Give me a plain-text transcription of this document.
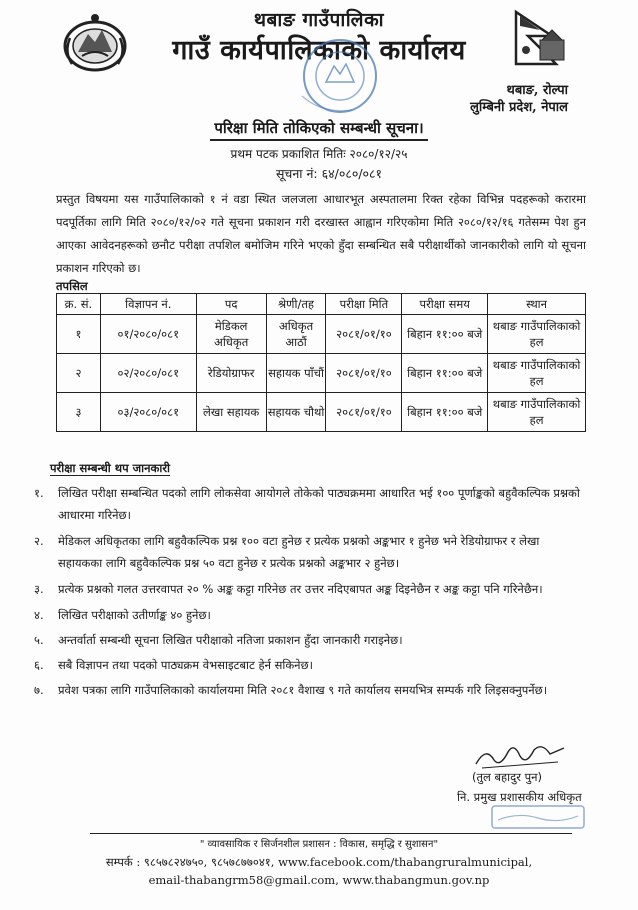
थबाङ गाउँपालिका
गाउँ कार्यपालिकाको कार्यालय
थबाङ, रोल्पा
लुम्बिनी प्रदेश, नेपाल
परिक्षा मिति तोकिएको सम्बन्धी सूचना।
प्रथम पटक प्रकाशित मितिः २०८०/१२/२५
सूचना नं: ६४/०८०/०८१
प्रस्तुत विषयमा यस गाउँपालिकाको १ नं वडा स्थित जलजला आधारभूत अस्पतालमा रिक्त रहेका विभिन्न पदहरूको करारमा पदपूर्तिका लागि मिति २०८०/१२/०२ गते सूचना प्रकाशन गरी दरखास्त आह्वान गरिएकोमा मिति २०८०/१२/१६ गतेसम्म पेश हुन आएका आवेदनहरूको छनौट परीक्षा तपशिल बमोजिम गरिने भएको हुँदा सम्बन्धित सबै परीक्षार्थीको जानकारीको लागि यो सूचना प्रकाशन गरिएको छ।
तपसिल
क्र. सं.	विज्ञापन नं.	पद	श्रेणी/तह	परीक्षा मिति	परीक्षा समय	स्थान
१	०१/२०८०/०८१	मेडिकल अधिकृत	अधिकृत आठौं	२०८१/०१/१०	बिहान ११:०० बजे	थबाङ गाउँपालिकाको हल
२	०२/२०८०/०८१	रेडियोग्राफर	सहायक पाँचौं	२०८१/०१/१०	बिहान ११:०० बजे	थबाङ गाउँपालिकाको हल
३	०३/२०८०/०८१	लेखा सहायक	सहायक चौथो	२०८१/०१/१०	बिहान ११:०० बजे	थबाङ गाउँपालिकाको हल
परीक्षा सम्बन्धी थप जानकारी
१. लिखित परीक्षा सम्बन्धित पदको लागि लोकसेवा आयोगले तोकेको पाठ्यक्रममा आधारित भई १०० पूर्णाङ्कको बहुवैकल्पिक प्रश्नको आधारमा गरिनेछ।
२. मेडिकल अधिकृतका लागि बहुवैकल्पिक प्रश्न १०० वटा हुनेछ र प्रत्येक प्रश्नको अङ्कभार १ हुनेछ भने रेडियोग्राफर र लेखा सहायकका लागि बहुवैकल्पिक प्रश्न ५० वटा हुनेछ र प्रत्येक प्रश्नको अङ्कभार २ हुनेछ।
३. प्रत्येक प्रश्नको गलत उत्तरवापत २० % अङ्क कट्टा गरिनेछ तर उत्तर नदिएबापत अङ्क दिइनेछैन र अङ्क कट्टा पनि गरिनेछैन।
४. लिखित परीक्षाको उतीर्णाङ्क ४० हुनेछ।
५. अन्तर्वार्ता सम्बन्धी सूचना लिखित परीक्षाको नतिजा प्रकाशन हुँदा जानकारी गराइनेछ।
६. सबै विज्ञापन तथा पदको पाठ्यक्रम वेभसाइटबाट हेर्न सकिनेछ।
७. प्रवेश पत्रका लागि गाउँपालिकाको कार्यालयमा मिति २०८१ वैशाख ९ गते कार्यालय समयभित्र सम्पर्क गरि लिइसक्नुपर्नेछ।
(तुल बहादुर पुन)
नि. प्रमुख प्रशासकीय अधिकृत
" व्यावसायिक र सिर्जनशील प्रशासन : विकास, समृद्धि र सुशासन"
सम्पर्क : ९८५७८२४७५०, ९८५७८७७०४१, www.facebook.com/thabangruralmunicipal,
email-thabangrm58@gmail.com, www.thabangmun.gov.np
